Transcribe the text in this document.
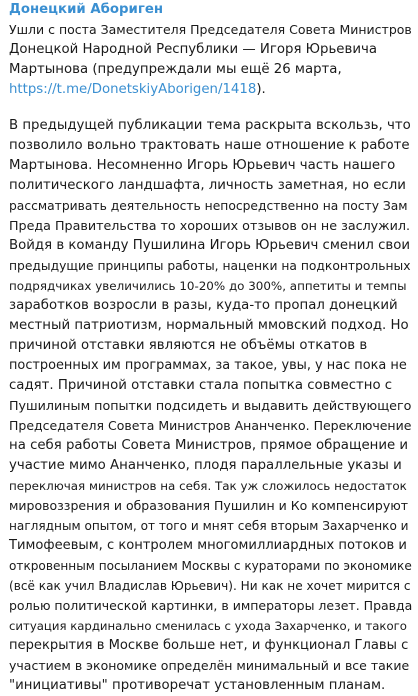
Донецкий Абориген
Ушли с поста Заместителя Председателя Совета Министров
Донецкой Народной Республики — Игоря Юрьевича
Мартынова (предупреждали мы ещё 26 марта,
https://t.me/DonetskiyAborigen/1418).
В предыдущей публикации тема раскрыта вскользь, что
позволило вольно трактовать наше отношение к работе
Мартынова. Несомненно Игорь Юрьевич часть нашего
политического ландшафта, личность заметная, но если
рассматривать деятельность непосредственно на посту Зам
Преда Правительства то хороших отзывов он не заслужил.
Войдя в команду Пушилина Игорь Юрьевич сменил свои
предыдущие принципы работы, наценки на подконтрольных
подрядчиках увеличились 10-20% до 300%, аппетиты и темпы
заработков возросли в разы, куда-то пропал донецкий
местный патриотизм, нормальный ммовский подход. Но
причиной отставки являются не объёмы откатов в
построенных им программах, за такое, увы, у нас пока не
садят. Причиной отставки стала попытка совместно с
Пушилиным попытки подсидеть и выдавить действующего
Председателя Совета Министров Ананченко. Переключение
на себя работы Совета Министров, прямое обращение и
участие мимо Ананченко, плодя параллельные указы и
переключая министров на себя. Так уж сложилось недостаток
мировоззрения и образования Пушилин и Ко компенсируют
наглядным опытом, от того и мнят себя вторым Захарченко и
Тимофеевым, с контролем многомиллиардных потоков и
откровенным посыланием Москвы с кураторами по экономике
(всё как учил Владислав Юрьевич). Ни как не хочет мирится с
ролью политической картинки, в императоры лезет. Правда
ситуация кардинально сменилась с ухода Захарченко, и такого
перекрытия в Москве больше нет, и функционал Главы с
участием в экономике определён минимальный и все такие
"инициативы" противоречат установленным планам.
